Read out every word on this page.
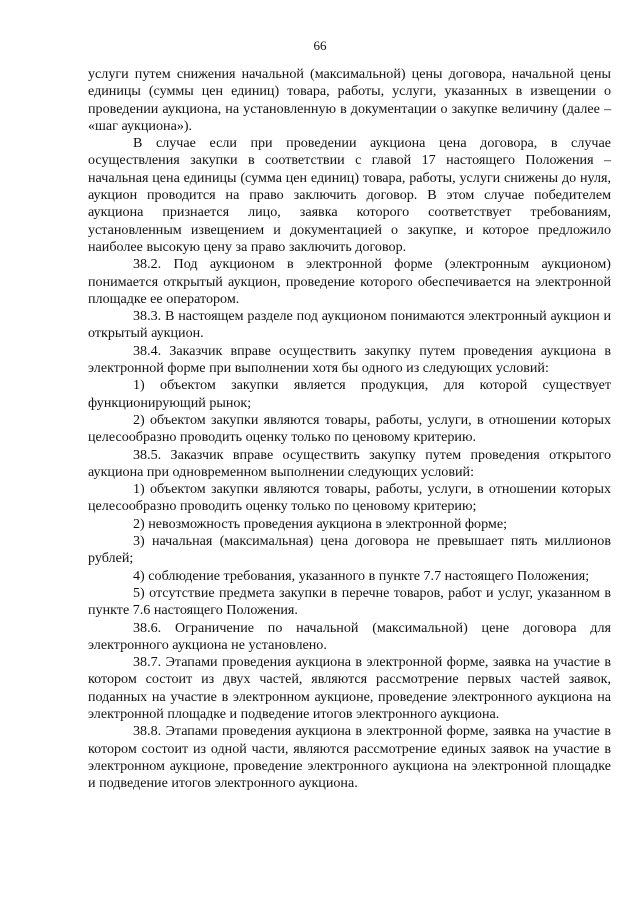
66

услуги путем снижения начальной (максимальной) цены договора, начальной цены единицы (суммы цен единиц) товара, работы, услуги, указанных в извещении о проведении аукциона, на установленную в документации о закупке величину (далее – «шаг аукциона»).

В случае если при проведении аукциона цена договора, в случае осуществления закупки в соответствии с главой 17 настоящего Положения – начальная цена единицы (сумма цен единиц) товара, работы, услуги снижены до нуля, аукцион проводится на право заключить договор. В этом случае победителем аукциона признается лицо, заявка которого соответствует требованиям, установленным извещением и документацией о закупке, и которое предложило наиболее высокую цену за право заключить договор.

38.2. Под аукционом в электронной форме (электронным аукционом) понимается открытый аукцион, проведение которого обеспечивается на электронной площадке ее оператором.

38.3. В настоящем разделе под аукционом понимаются электронный аукцион и открытый аукцион.

38.4. Заказчик вправе осуществить закупку путем проведения аукциона в электронной форме при выполнении хотя бы одного из следующих условий:

1) объектом закупки является продукция, для которой существует функционирующий рынок;

2) объектом закупки являются товары, работы, услуги, в отношении которых целесообразно проводить оценку только по ценовому критерию.

38.5. Заказчик вправе осуществить закупку путем проведения открытого аукциона при одновременном выполнении следующих условий:

1) объектом закупки являются товары, работы, услуги, в отношении которых целесообразно проводить оценку только по ценовому критерию;

2) невозможность проведения аукциона в электронной форме;

3) начальная (максимальная) цена договора не превышает пять миллионов рублей;

4) соблюдение требования, указанного в пункте 7.7 настоящего Положения;

5) отсутствие предмета закупки в перечне товаров, работ и услуг, указанном в пункте 7.6 настоящего Положения.

38.6. Ограничение по начальной (максимальной) цене договора для электронного аукциона не установлено.

38.7. Этапами проведения аукциона в электронной форме, заявка на участие в котором состоит из двух частей, являются рассмотрение первых частей заявок, поданных на участие в электронном аукционе, проведение электронного аукциона на электронной площадке и подведение итогов электронного аукциона.

38.8. Этапами проведения аукциона в электронной форме, заявка на участие в котором состоит из одной части, являются рассмотрение единых заявок на участие в электронном аукционе, проведение электронного аукциона на электронной площадке и подведение итогов электронного аукциона.
